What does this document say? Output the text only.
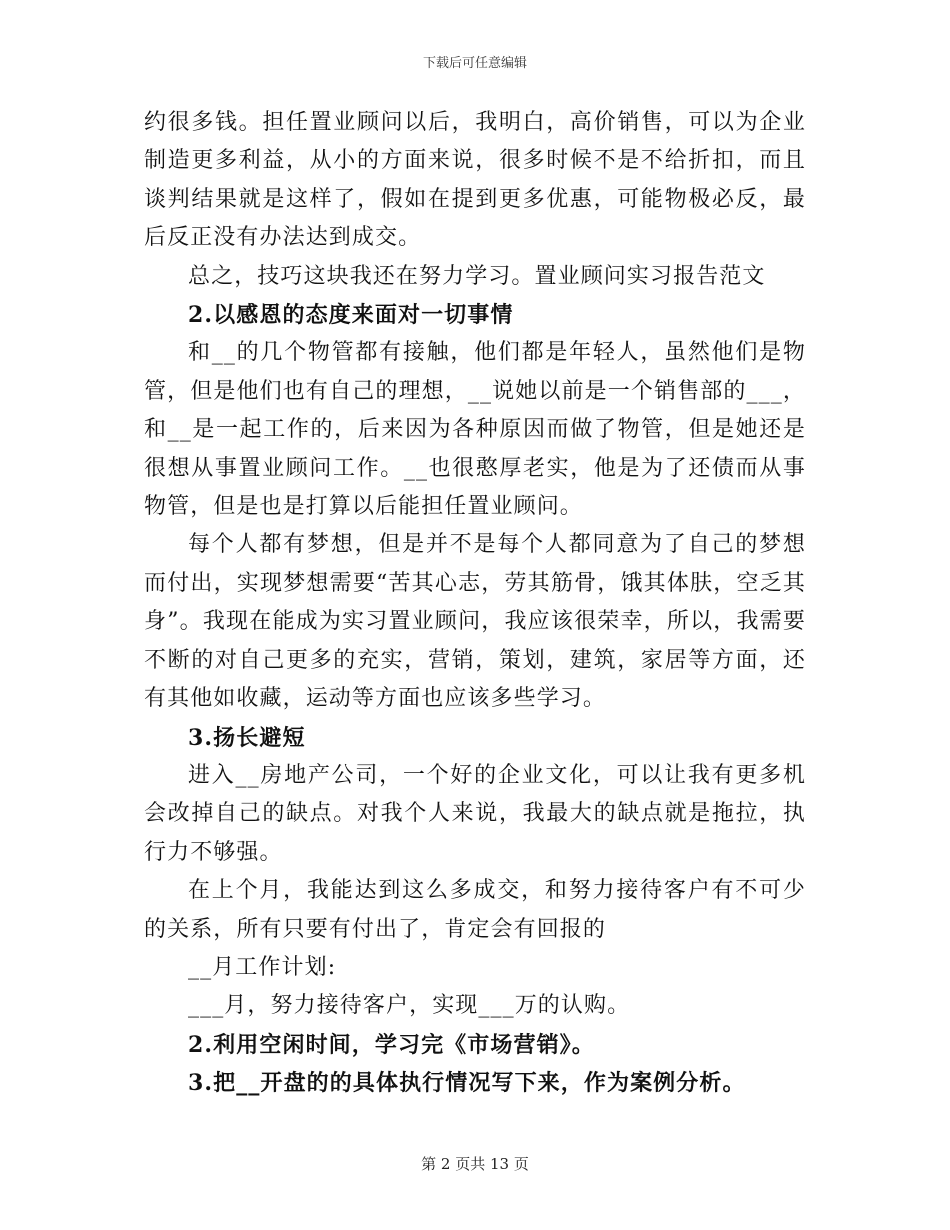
下载后可任意编辑

约很多钱。担任置业顾问以后，我明白，高价销售，可以为企业制造更多利益，从小的方面来说，很多时候不是不给折扣，而且谈判结果就是这样了，假如在提到更多优惠，可能物极必反，最后反正没有办法达到成交。

总之，技巧这块我还在努力学习。置业顾问实习报告范文

2.以感恩的态度来面对一切事情

和__的几个物管都有接触，他们都是年轻人，虽然他们是物管，但是他们也有自己的理想，__说她以前是一个销售部的___，和__是一起工作的，后来因为各种原因而做了物管，但是她还是很想从事置业顾问工作。__也很憨厚老实，他是为了还债而从事物管，但是也是打算以后能担任置业顾问。

每个人都有梦想，但是并不是每个人都同意为了自己的梦想而付出，实现梦想需要“苦其心志，劳其筋骨，饿其体肤，空乏其身”。我现在能成为实习置业顾问，我应该很荣幸，所以，我需要不断的对自己更多的充实，营销，策划，建筑，家居等方面，还有其他如收藏，运动等方面也应该多些学习。

3.扬长避短

进入__房地产公司，一个好的企业文化，可以让我有更多机会改掉自己的缺点。对我个人来说，我最大的缺点就是拖拉，执行力不够强。

在上个月，我能达到这么多成交，和努力接待客户有不可少的关系，所有只要有付出了，肯定会有回报的

__月工作计划:

___月，努力接待客户，实现___万的认购。

2.利用空闲时间，学习完《市场营销》。

3.把__开盘的的具体执行情况写下来，作为案例分析。

第 2 页共 13 页
